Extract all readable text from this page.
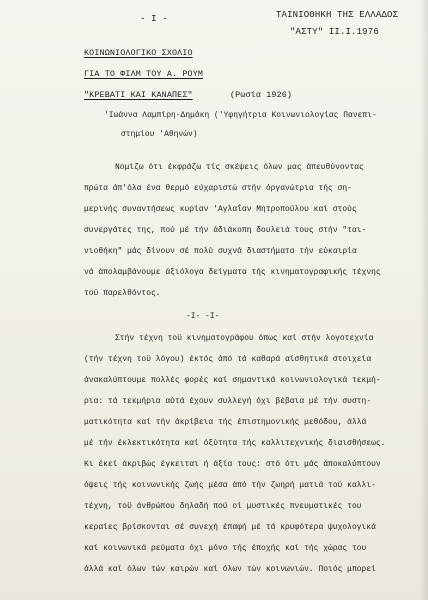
- I -	ΤΑΙΝΙΟΘΗΚΗ ΤΗΣ ΕΛΛΑΔΟΣ
"ΑΣΤΥ" II.I.1976
ΚΟΙΝΩΝΙΟΛΟΓΙΚΟ ΣΧΟΛΙΟ
ΓΙΑ ΤΟ ΦΙΛΜ ΤΟΥ Α. ΡΟΥΜ
"ΚΡΕΒΑΤΙ ΚΑΙ ΚΑΝΑΠΕΣ"	(Ρωσία 1926)
'Ιωάννα Λαμπίρη-Δημάκη ('Υφηγήτρια Κοινωνιολογίας Πανεπι-
στημίου 'Αθηνών)
Νομίζω ότι έκφράζω τίς σκέψεις όλων μας άπευθύνοντας
πρώτα άπ'όλα ένα θερμό εύχαριστώ στήν όργανώτρια τής ση-
μερινής συναντήσεως κυρίαν 'Αγλαΐαν Μητροπούλου καί στούς
συνεργάτες της, πού μέ τήν άδιάκοπη δουλειά τους στήν "ται-
νιοθήκη" μάς δίνουν σέ πολύ συχνά διαστήματα τήν εύκαιρία
νά άπολαμβάνουμε άξιόλογα δείγματα τής κινηματογραφικής τέχνης
τοϋ παρελθόντος.
-I- -I-
Στήν τέχνη τοϋ κινηματογράφου όπως καί στήν λογοτεχνία
(τήν τέχνη τοϋ λόγου) έκτός άπό τά καθαρά αίσθητικά στοιχεία
άνακαλύπτουμε πολλές φορές καί σημαντικά κοινωνιολογικά τεκμή-
ρια: τά τεκμήρια αύτά έχουν συλλεγή όχι βέβαια μέ τήν συστη-
ματικότητα καί τήν άκρίβεια τής έπιστημονικής μεθόδου, άλλά
μέ τήν έκλεκτικότητα καί όξύτητα τής καλλιτεχνικής διαισθήσεως.
Κι έκεί άκριβώς έγκειται ή άξία τους: στό ότι μάς άποκαλύπτουν
όψεις τής κοινωνικής ζωής μέσα άπό τήν ζωηρή ματιά τοϋ καλλι-
τέχνη, τοϋ άνθρώπου δηλαδή πού οί μυστικές πνευματικές του
κεραίες βρίσκονται σέ συνεχή έπαφή μέ τά κρυφότερα ψυχολογικά
καί κοινωνικά ρεύματα όχι μόνο τής έποχής καί τής χώρας του
άλλά καί όλων τών καιρών καί όλων τών κοινωνιών. Ποιός μπορεί
